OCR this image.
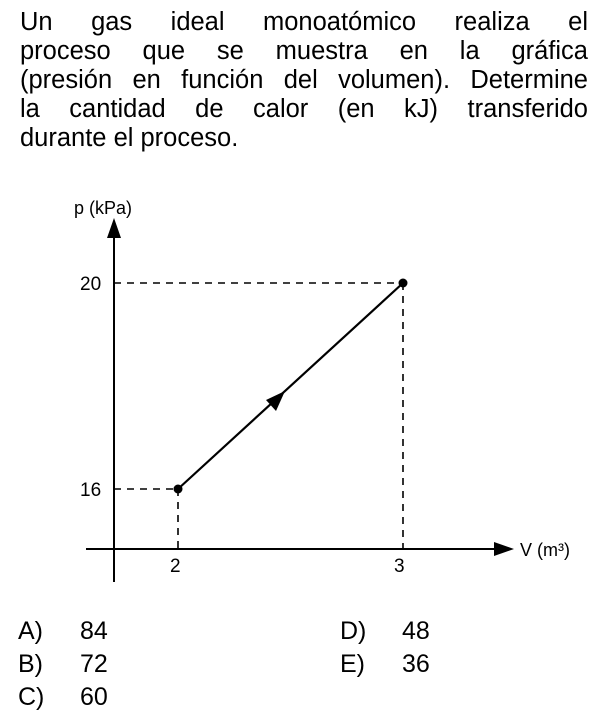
Un gas ideal monoatómico realiza el
proceso que se muestra en la gráfica
(presión en función del volumen). Determine
la cantidad de calor (en kJ) transferido
durante el proceso.

p (kPa)
V (m³)
20
16
2	3
A) 84
B) 72
C) 60
D) 48
E) 36
